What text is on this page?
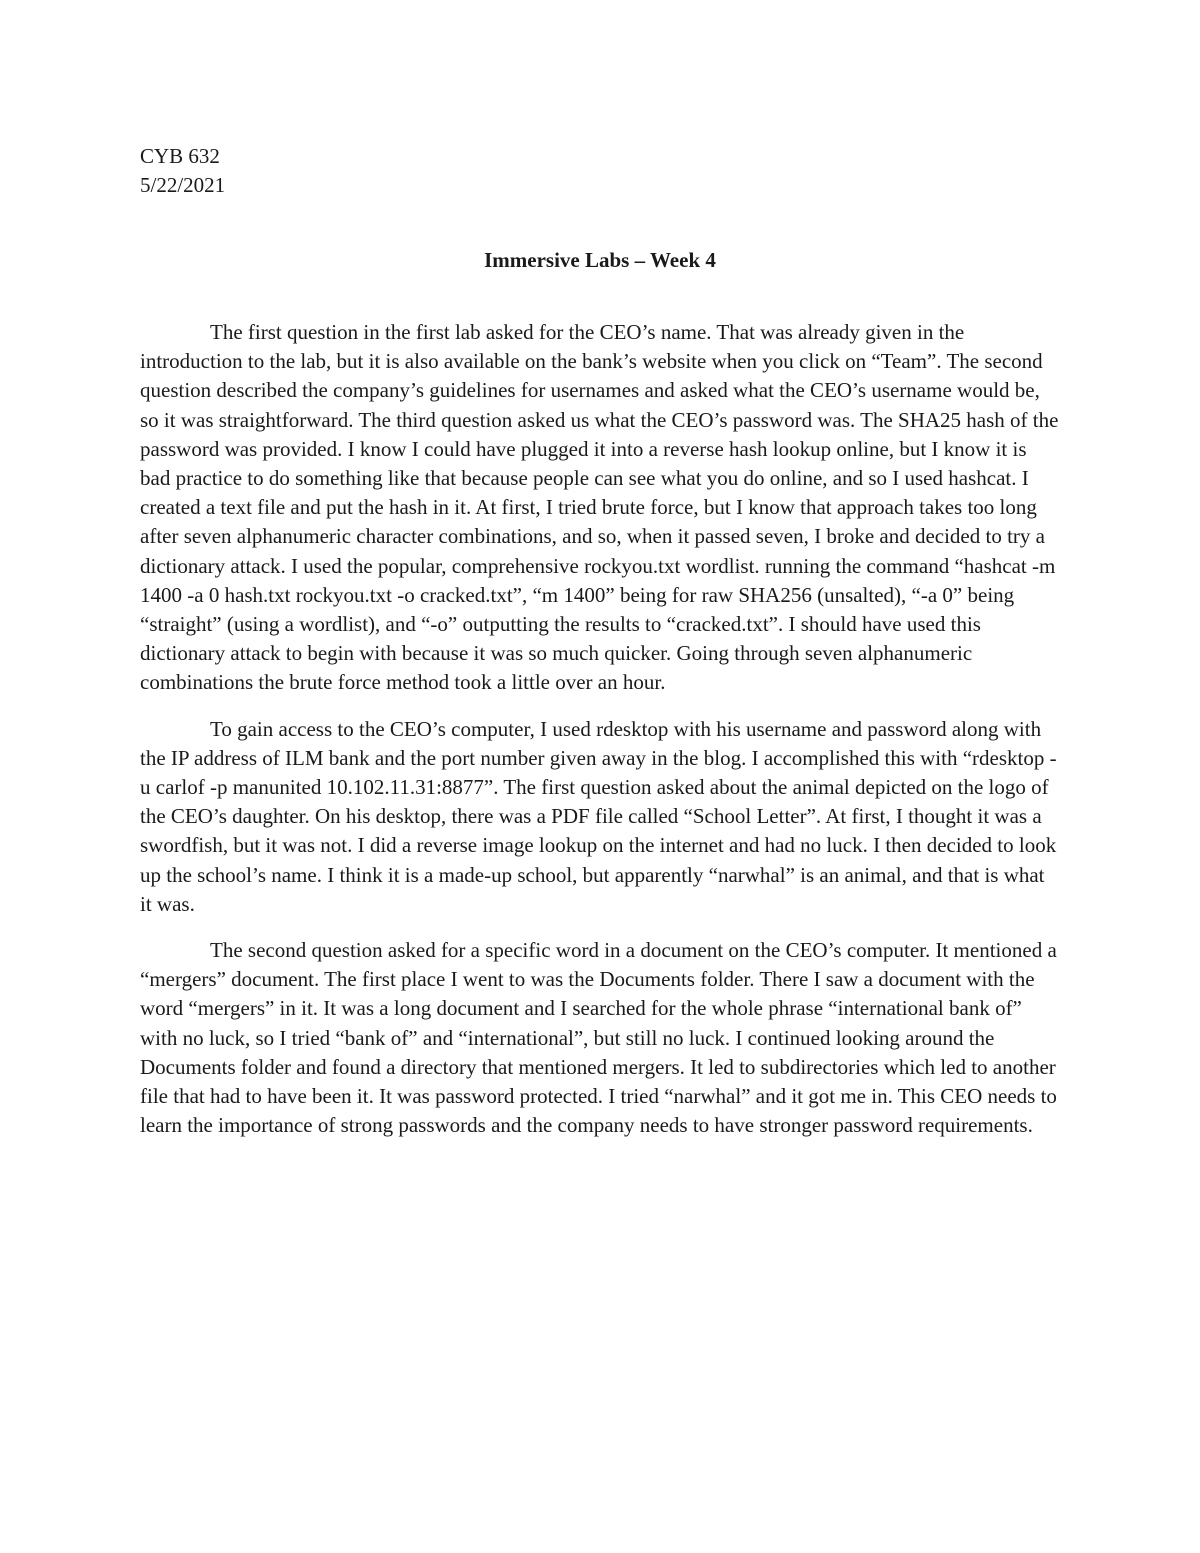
CYB 632
5/22/2021
Immersive Labs – Week 4

The first question in the first lab asked for the CEO’s name. That was already given in the introduction to the lab, but it is also available on the bank’s website when you click on “Team”. The second question described the company’s guidelines for usernames and asked what the CEO’s username would be, so it was straightforward. The third question asked us what the CEO’s password was. The SHA25 hash of the password was provided. I know I could have plugged it into a reverse hash lookup online, but I know it is bad practice to do something like that because people can see what you do online, and so I used hashcat. I created a text file and put the hash in it. At first, I tried brute force, but I know that approach takes too long after seven alphanumeric character combinations, and so, when it passed seven, I broke and decided to try a dictionary attack. I used the popular, comprehensive rockyou.txt wordlist. running the command “hashcat -m 1400 -a 0 hash.txt rockyou.txt -o cracked.txt”, “m 1400” being for raw SHA256 (unsalted), “-a 0” being “straight” (using a wordlist), and “-o” outputting the results to “cracked.txt”. I should have used this dictionary attack to begin with because it was so much quicker. Going through seven alphanumeric combinations the brute force method took a little over an hour.

To gain access to the CEO’s computer, I used rdesktop with his username and password along with the IP address of ILM bank and the port number given away in the blog. I accomplished this with “rdesktop -u carlof -p manunited 10.102.11.31:8877”. The first question asked about the animal depicted on the logo of the CEO’s daughter. On his desktop, there was a PDF file called “School Letter”. At first, I thought it was a swordfish, but it was not. I did a reverse image lookup on the internet and had no luck. I then decided to look up the school’s name. I think it is a made-up school, but apparently “narwhal” is an animal, and that is what it was.

The second question asked for a specific word in a document on the CEO’s computer. It mentioned a “mergers” document. The first place I went to was the Documents folder. There I saw a document with the word “mergers” in it. It was a long document and I searched for the whole phrase “international bank of” with no luck, so I tried “bank of” and “international”, but still no luck. I continued looking around the Documents folder and found a directory that mentioned mergers. It led to subdirectories which led to another file that had to have been it. It was password protected. I tried “narwhal” and it got me in. This CEO needs to learn the importance of strong passwords and the company needs to have stronger password requirements.
